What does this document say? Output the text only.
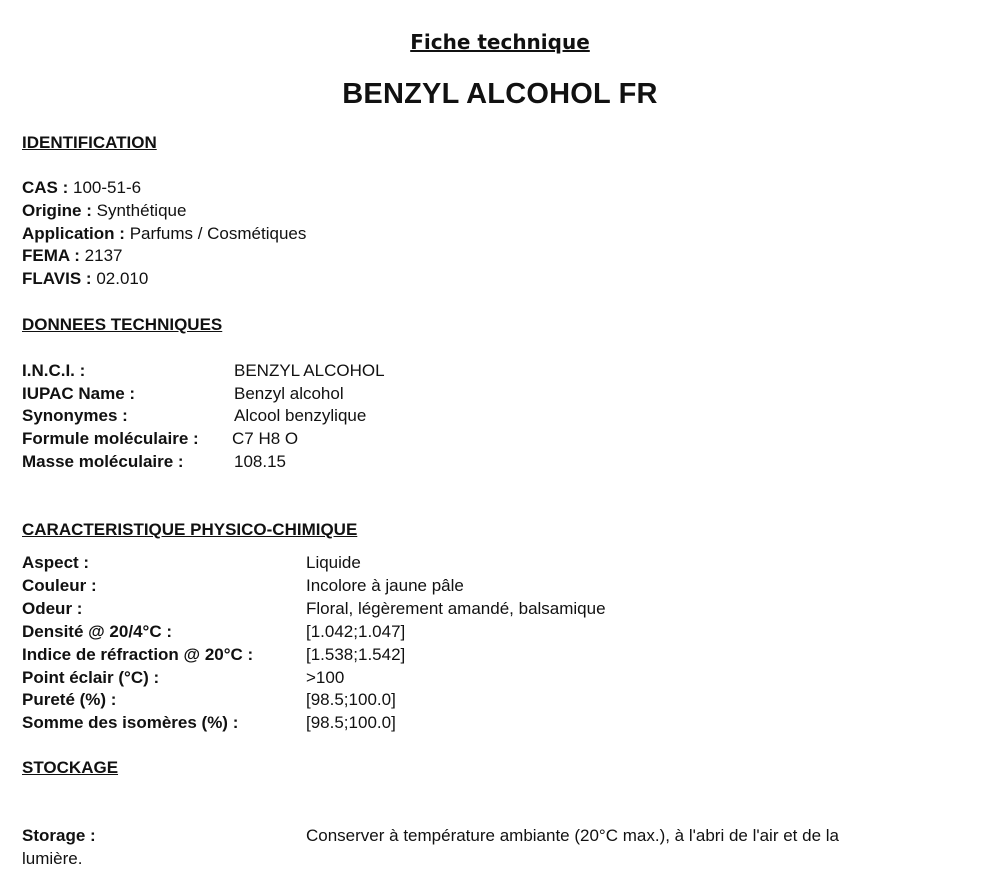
Fiche technique
BENZYL ALCOHOL FR
IDENTIFICATION
CAS : 100-51-6
Origine : Synthétique
Application : Parfums / Cosmétiques
FEMA : 2137
FLAVIS : 02.010
DONNEES TECHNIQUES
I.N.C.I. :	BENZYL ALCOHOL
IUPAC Name :	Benzyl alcohol
Synonymes :	Alcool benzylique
Formule moléculaire : C7 H8 O
Masse moléculaire :	108.15
CARACTERISTIQUE PHYSICO-CHIMIQUE
Aspect :	Liquide
Couleur :	Incolore à jaune pâle
Odeur :	Floral, légèrement amandé, balsamique
Densité @ 20/4°C :	[1.042;1.047]
Indice de réfraction @ 20°C :	[1.538;1.542]
Point éclair (°C) :	>100
Pureté (%) :	[98.5;100.0]
Somme des isomères (%) :	[98.5;100.0]
STOCKAGE
Storage :	Conserver à température ambiante (20°C max.), à l'abri de l'air et de la
lumière.
